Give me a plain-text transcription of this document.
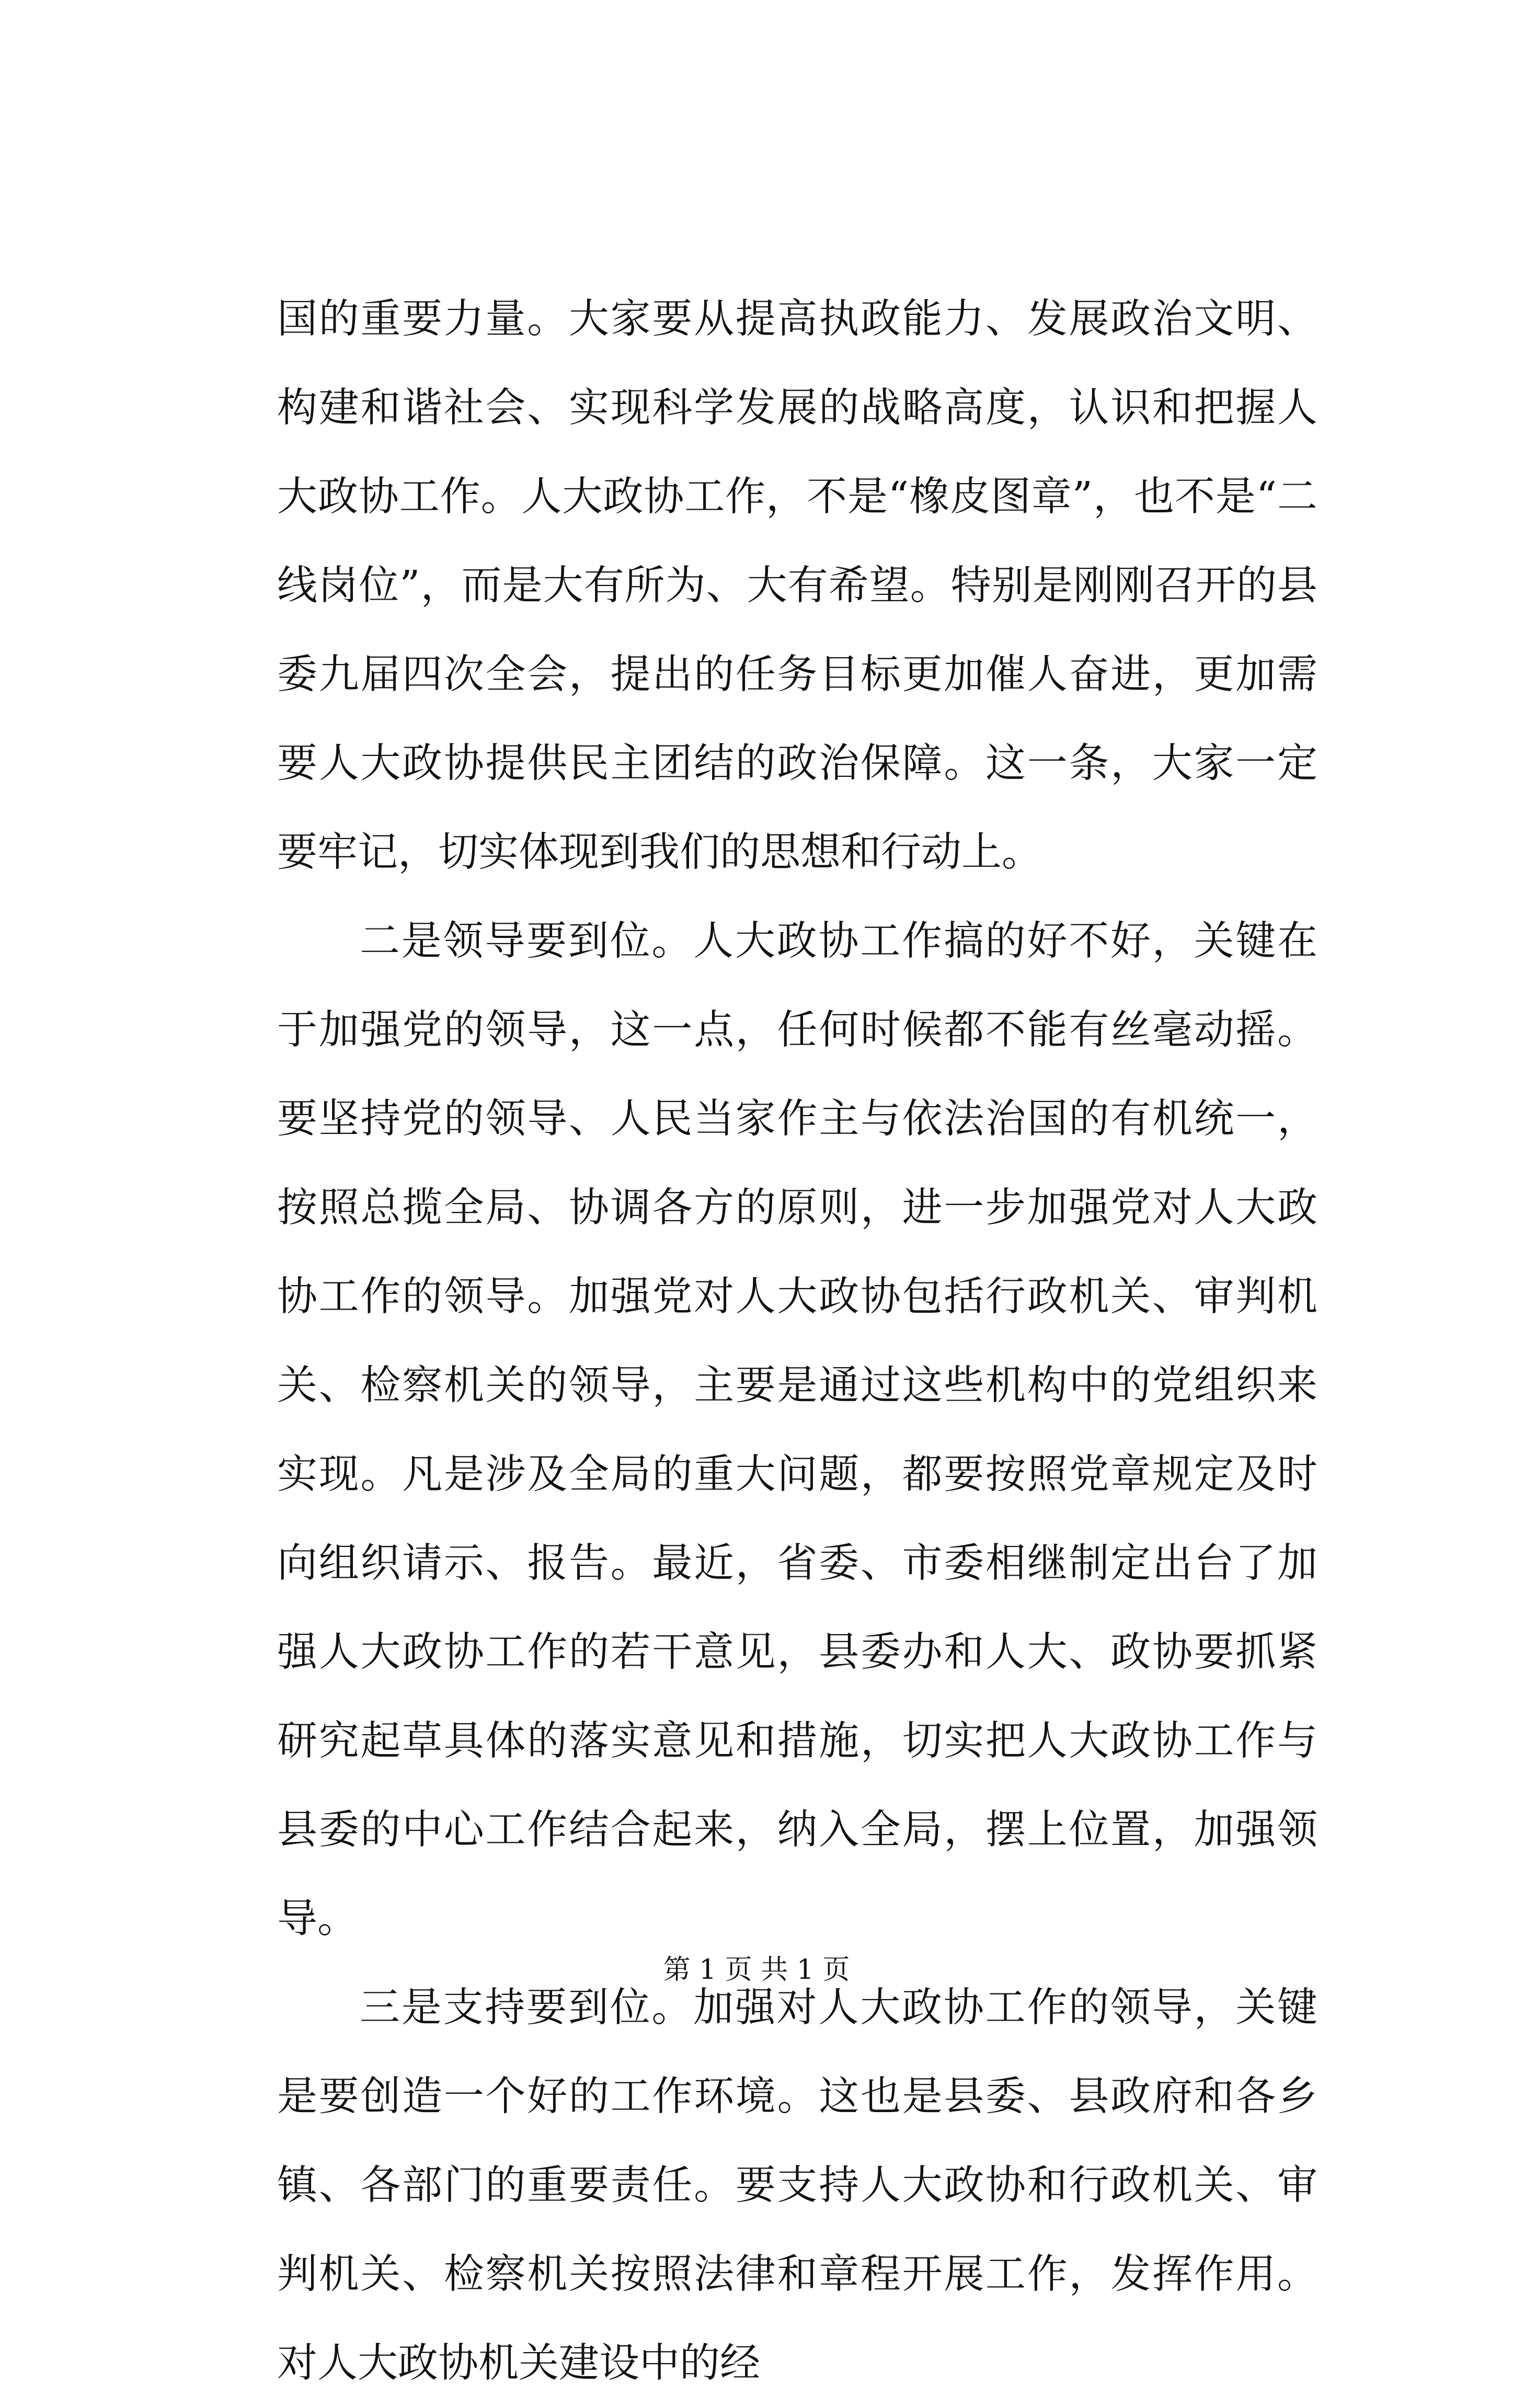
国的重要力量。大家要从提高执政能力、发展政治文明、构建和谐社会、实现科学发展的战略高度，认识和把握人大政协工作。人大政协工作，不是“橡皮图章”，也不是“二线岗位”，而是大有所为、大有希望。特别是刚刚召开的县委九届四次全会，提出的任务目标更加催人奋进，更加需要人大政协提供民主团结的政治保障。这一条，大家一定要牢记，切实体现到我们的思想和行动上。

二是领导要到位。人大政协工作搞的好不好，关键在于加强党的领导，这一点，任何时候都不能有丝毫动摇。要坚持党的领导、人民当家作主与依法治国的有机统一，按照总揽全局、协调各方的原则，进一步加强党对人大政协工作的领导。加强党对人大政协包括行政机关、审判机关、检察机关的领导，主要是通过这些机构中的党组织来实现。凡是涉及全局的重大问题，都要按照党章规定及时向组织请示、报告。最近，省委、市委相继制定出台了加强人大政协工作的若干意见，县委办和人大、政协要抓紧研究起草具体的落实意见和措施，切实把人大政协工作与县委的中心工作结合起来，纳入全局，摆上位置，加强领导。

三是支持要到位。加强对人大政协工作的领导，关键是要创造一个好的工作环境。这也是县委、县政府和各乡镇、各部门的重要责任。要支持人大政协和行政机关、审判机关、检察机关按照法律和章程开展工作，发挥作用。对人大政协机关建设中的经

第 1 页 共 1 页
